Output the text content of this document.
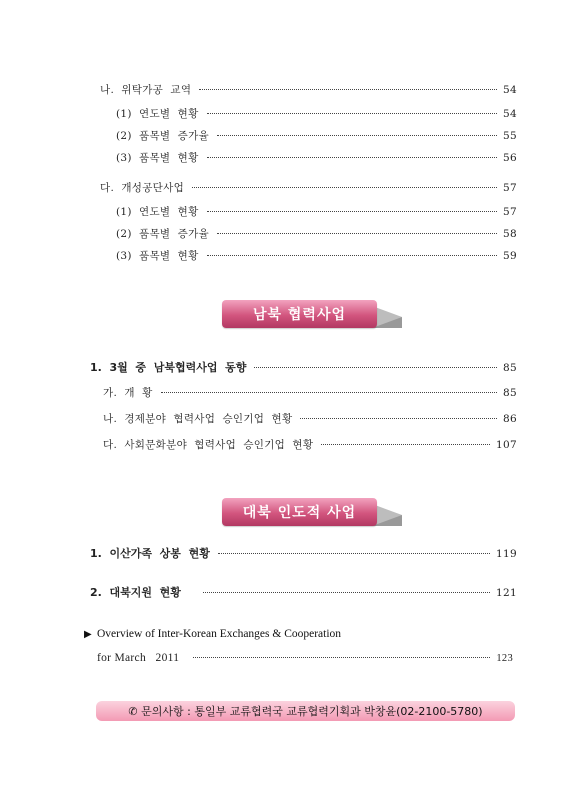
나.  위탁가공  교역	54
(1)  연도별  현황	54
(2)  품목별  증가율	55
(3)  품목별  현황	56
다.  개성공단사업	57
(1)  연도별  현황	57
(2)  품목별  증가율	58
(3)  품목별  현황	59
남북 협력사업
1.  3월  중  남북협력사업  동향	85
가.  개  황	85
나.  경제분야  협력사업  승인기업  현황	86
다.  사회문화분야  협력사업  승인기업  현황	107
대북 인도적 사업
1.  이산가족  상봉  현황	119
2.  대북지원  현황	121
▶ Overview of Inter-Korean Exchanges & Cooperation
for March   2011	123
✆ 문의사항 : 통일부 교류협력국 교류협력기획과 박창윤(02-2100-5780)
